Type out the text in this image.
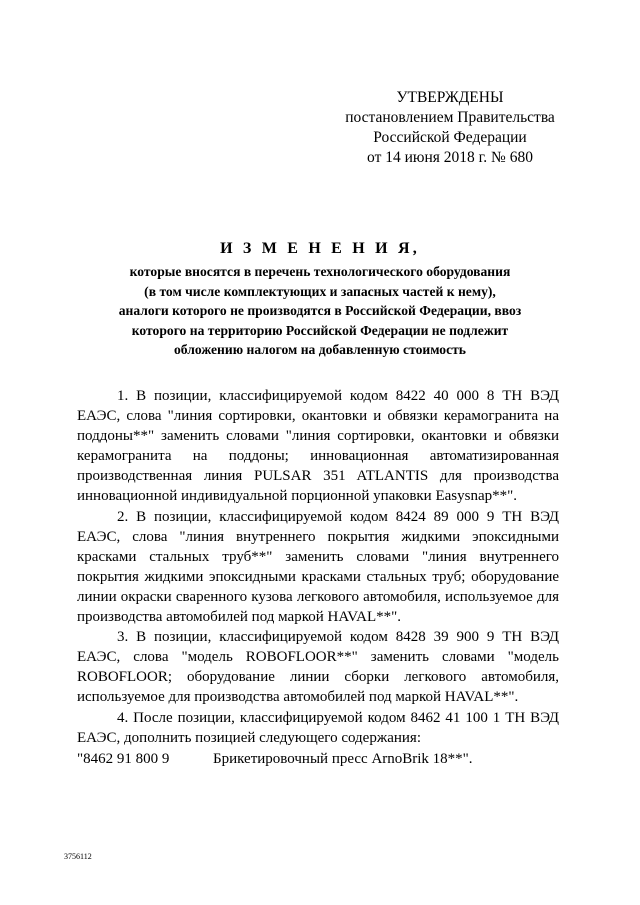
УТВЕРЖДЕНЫ
постановлением Правительства
Российской Федерации
от 14 июня 2018 г. № 680
И З М Е Н Е Н И Я,
которые вносятся в перечень технологического оборудования
(в том числе комплектующих и запасных частей к нему),
аналоги которого не производятся в Российской Федерации, ввоз
которого на территорию Российской Федерации не подлежит
обложению налогом на добавленную стоимость

1. В позиции, классифицируемой кодом 8422 40 000 8 ТН ВЭД ЕАЭС, слова "линия сортировки, окантовки и обвязки керамогранита на поддоны**" заменить словами "линия сортировки, окантовки и обвязки керамогранита на поддоны; инновационная автоматизированная производственная линия PULSAR 351 ATLANTIS для производства инновационной индивидуальной порционной упаковки Easysnap**".

2. В позиции, классифицируемой кодом 8424 89 000 9 ТН ВЭД ЕАЭС, слова "линия внутреннего покрытия жидкими эпоксидными красками стальных труб**" заменить словами "линия внутреннего покрытия жидкими эпоксидными красками стальных труб; оборудование линии окраски сваренного кузова легкового автомобиля, используемое для производства автомобилей под маркой HAVAL**".

3. В позиции, классифицируемой кодом 8428 39 900 9 ТН ВЭД ЕАЭС, слова "модель ROBOFLOOR**" заменить словами "модель ROBOFLOOR; оборудование линии сборки легкового автомобиля, используемое для производства автомобилей под маркой HAVAL**".

4. После позиции, классифицируемой кодом 8462 41 100 1 ТН ВЭД ЕАЭС, дополнить позицией следующего содержания:

"8462 91 800 9	Брикетировочный пресс ArnoBrik 18**".
3756112
